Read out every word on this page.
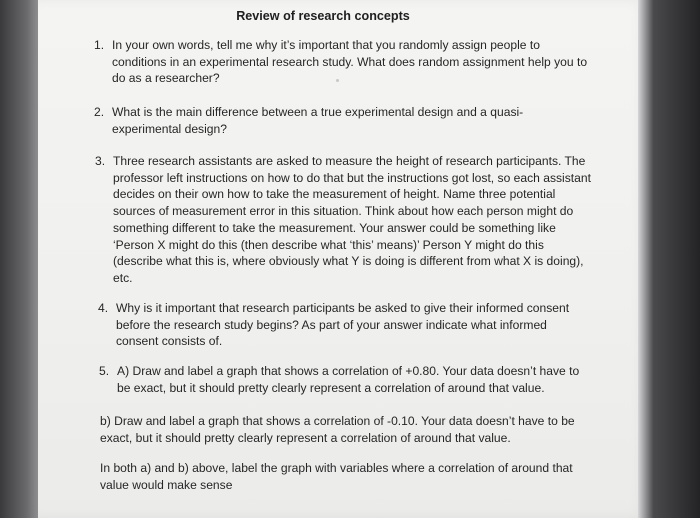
Review of research concepts
1. In your own words, tell me why it’s important that you randomly assign people to conditions in an experimental research study. What does random assignment help you to do as a researcher?
2. What is the main difference between a true experimental design and a quasi-experimental design?
3. Three research assistants are asked to measure the height of research participants. The professor left instructions on how to do that but the instructions got lost, so each assistant decides on their own how to take the measurement of height. Name three potential sources of measurement error in this situation. Think about how each person might do something different to take the measurement. Your answer could be something like ‘Person X might do this (then describe what ‘this’ means)’ Person Y might do this (describe what this is, where obviously what Y is doing is different from what X is doing), etc.
4. Why is it important that research participants be asked to give their informed consent before the research study begins? As part of your answer indicate what informed consent consists of.
5. A) Draw and label a graph that shows a correlation of +0.80. Your data doesn’t have to be exact, but it should pretty clearly represent a correlation of around that value.
b) Draw and label a graph that shows a correlation of -0.10. Your data doesn’t have to be exact, but it should pretty clearly represent a correlation of around that value.
In both a) and b) above, label the graph with variables where a correlation of around that value would make sense
